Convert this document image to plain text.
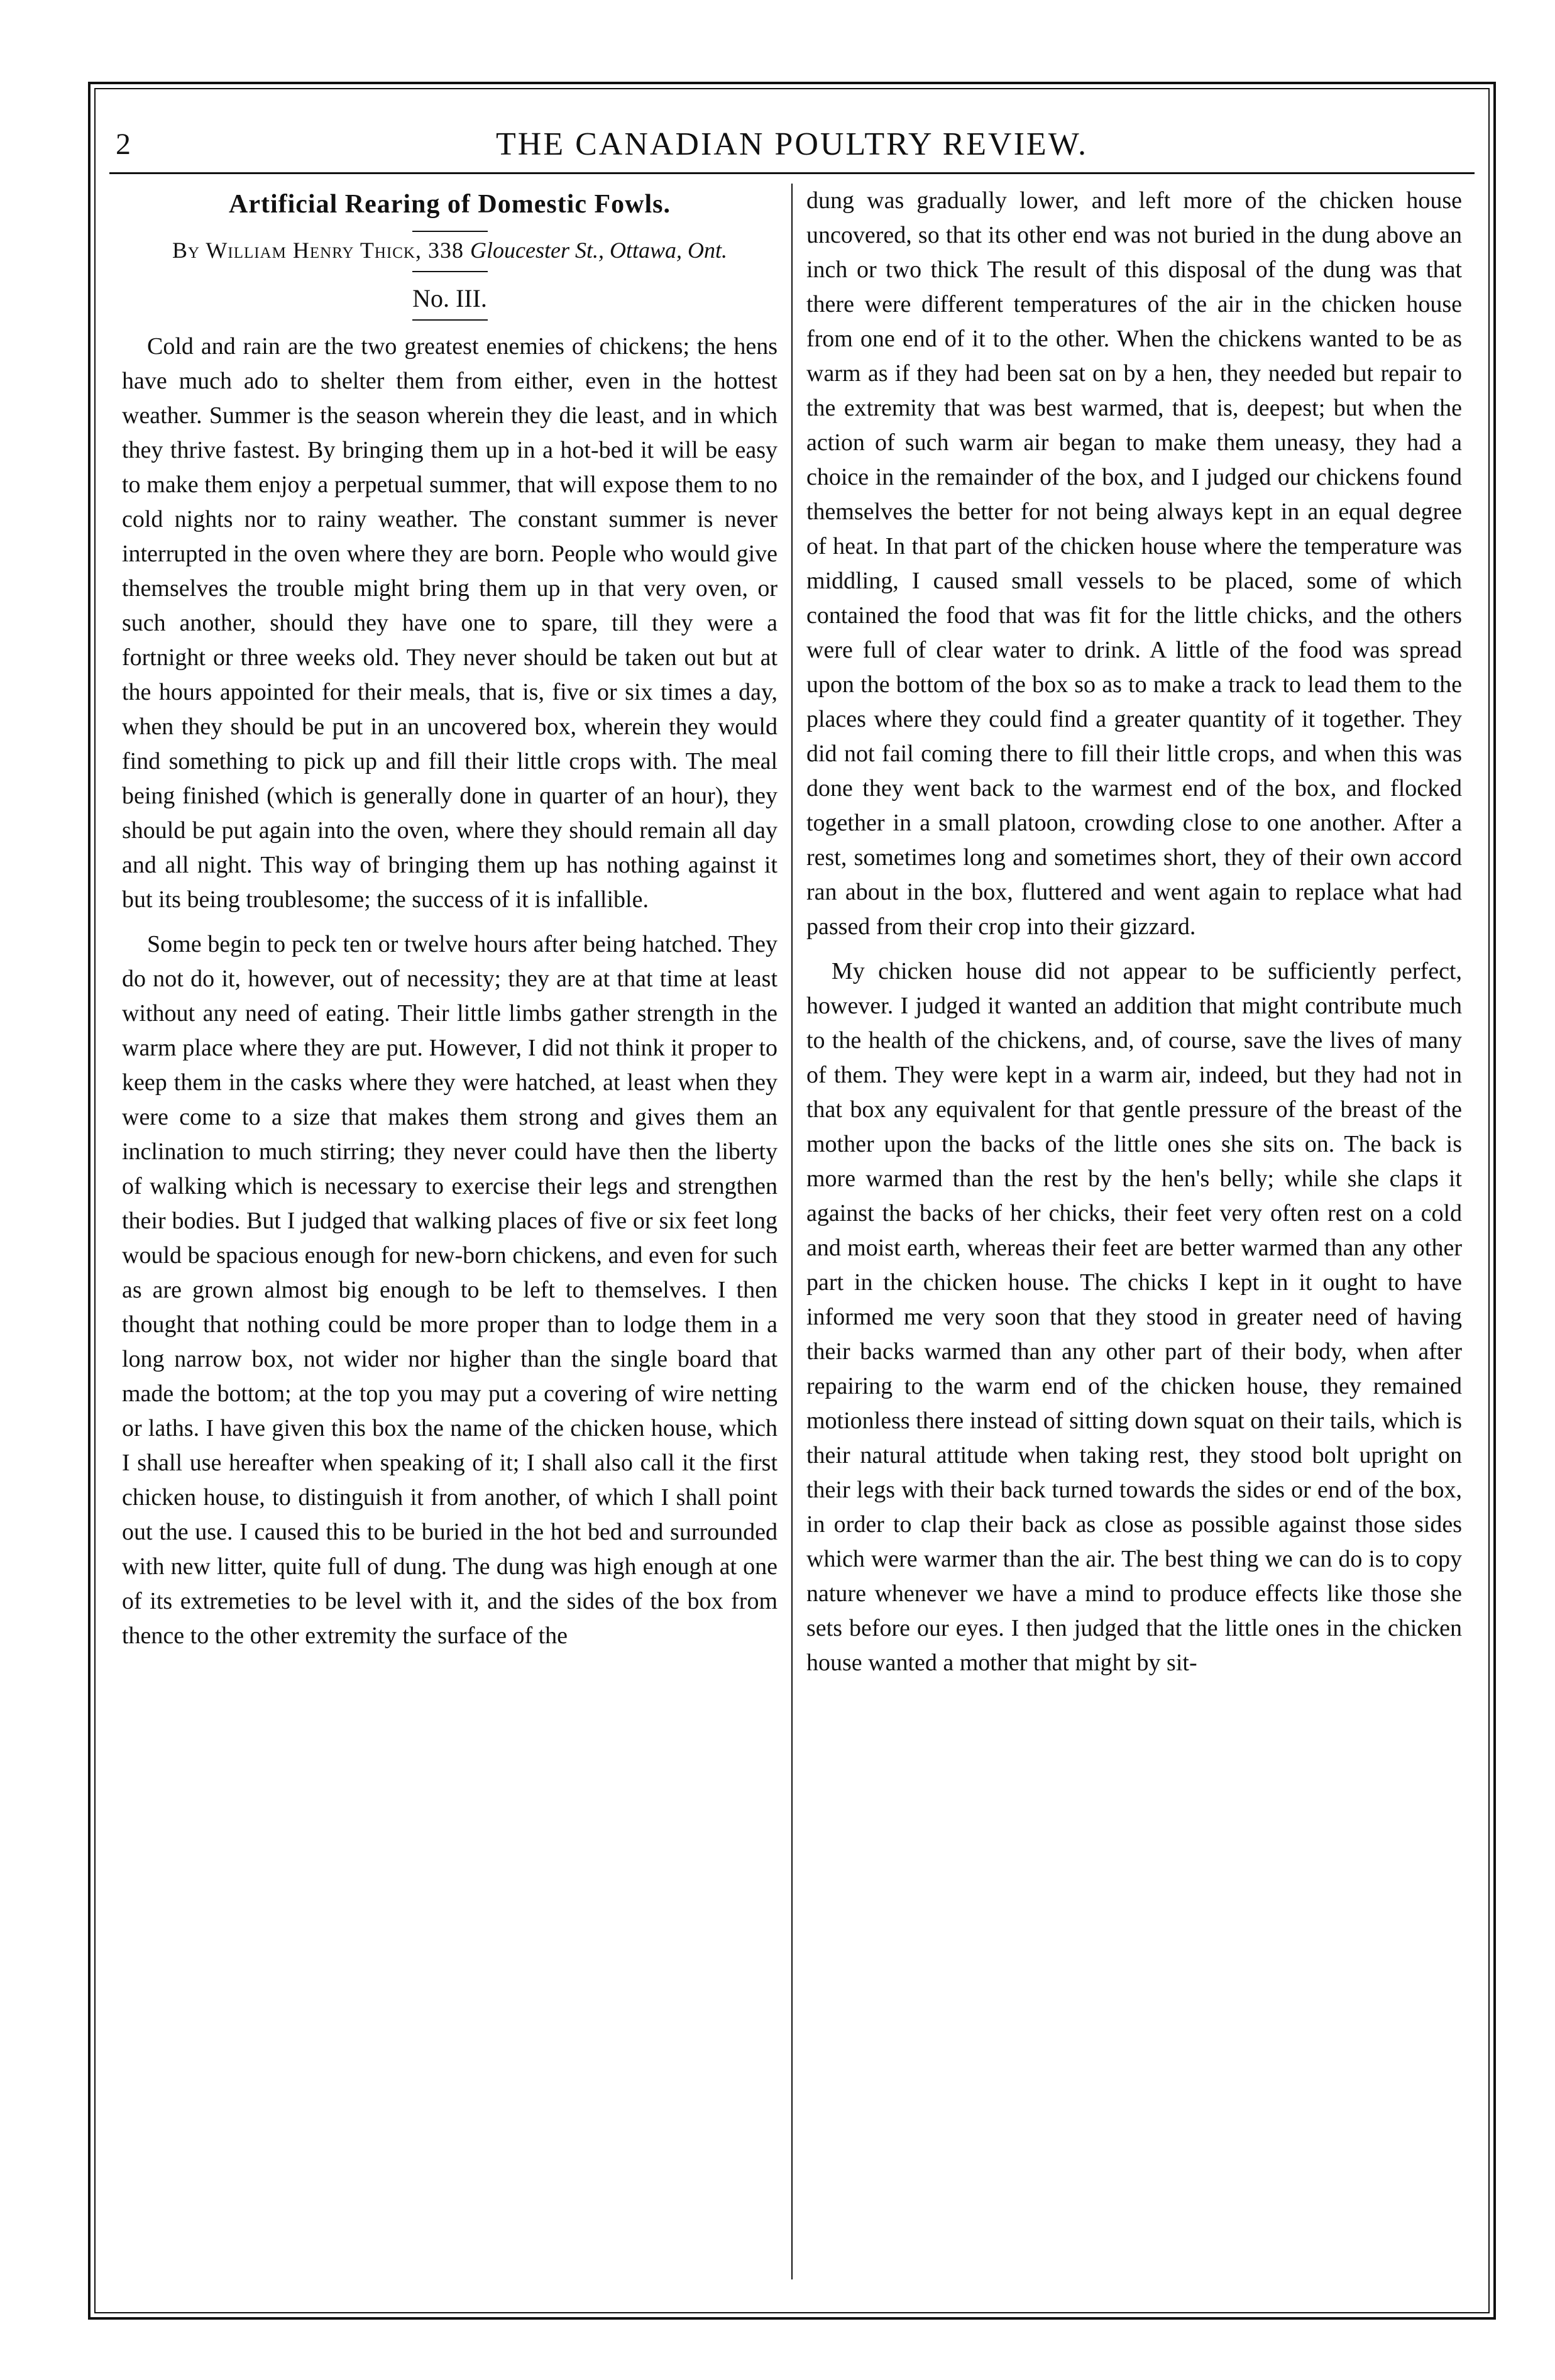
2	THE CANADIAN POULTRY REVIEW.
Artificial Rearing of Domestic Fowls.
By William Henry Thick, 338 Gloucester St., Ottawa, Ont.
No. III.

Cold and rain are the two greatest enemies of chickens; the hens have much ado to shelter them from either, even in the hottest weather. Summer is the season wherein they die least, and in which they thrive fastest. By bringing them up in a hot-bed it will be easy to make them enjoy a perpetual summer, that will expose them to no cold nights nor to rainy weather. The constant summer is never interrupted in the oven where they are born. People who would give themselves the trouble might bring them up in that very oven, or such another, should they have one to spare, till they were a fortnight or three weeks old. They never should be taken out but at the hours appointed for their meals, that is, five or six times a day, when they should be put in an uncovered box, wherein they would find something to pick up and fill their little crops with. The meal being finished (which is generally done in quarter of an hour), they should be put again into the oven, where they should remain all day and all night. This way of bringing them up has nothing against it but its being troublesome; the success of it is infallible.

Some begin to peck ten or twelve hours after being hatched. They do not do it, however, out of necessity; they are at that time at least without any need of eating. Their little limbs gather strength in the warm place where they are put. However, I did not think it proper to keep them in the casks where they were hatched, at least when they were come to a size that makes them strong and gives them an inclination to much stirring; they never could have then the liberty of walking which is necessary to exercise their legs and strengthen their bodies. But I judged that walking places of five or six feet long would be spacious enough for new-born chickens, and even for such as are grown almost big enough to be left to themselves. I then thought that nothing could be more proper than to lodge them in a long narrow box, not wider nor higher than the single board that made the bottom; at the top you may put a covering of wire netting or laths. I have given this box the name of the chicken house, which I shall use hereafter when speaking of it; I shall also call it the first chicken house, to distinguish it from another, of which I shall point out the use. I caused this to be buried in the hot bed and surrounded with new litter, quite full of dung. The dung was high enough at one of its extremeties to be level with it, and the sides of the box from thence to the other extremity the surface of the

dung was gradually lower, and left more of the chicken house uncovered, so that its other end was not buried in the dung above an inch or two thick The result of this disposal of the dung was that there were different temperatures of the air in the chicken house from one end of it to the other. When the chickens wanted to be as warm as if they had been sat on by a hen, they needed but repair to the extremity that was best warmed, that is, deepest; but when the action of such warm air began to make them uneasy, they had a choice in the remainder of the box, and I judged our chickens found themselves the better for not being always kept in an equal degree of heat. In that part of the chicken house where the temperature was middling, I caused small vessels to be placed, some of which contained the food that was fit for the little chicks, and the others were full of clear water to drink. A little of the food was spread upon the bottom of the box so as to make a track to lead them to the places where they could find a greater quantity of it together. They did not fail coming there to fill their little crops, and when this was done they went back to the warmest end of the box, and flocked together in a small platoon, crowding close to one another. After a rest, sometimes long and sometimes short, they of their own accord ran about in the box, fluttered and went again to replace what had passed from their crop into their gizzard.

My chicken house did not appear to be sufficiently perfect, however. I judged it wanted an addition that might contribute much to the health of the chickens, and, of course, save the lives of many of them. They were kept in a warm air, indeed, but they had not in that box any equivalent for that gentle pressure of the breast of the mother upon the backs of the little ones she sits on. The back is more warmed than the rest by the hen's belly; while she claps it against the backs of her chicks, their feet very often rest on a cold and moist earth, whereas their feet are better warmed than any other part in the chicken house. The chicks I kept in it ought to have informed me very soon that they stood in greater need of having their backs warmed than any other part of their body, when after repairing to the warm end of the chicken house, they remained motionless there instead of sitting down squat on their tails, which is their natural attitude when taking rest, they stood bolt upright on their legs with their back turned towards the sides or end of the box, in order to clap their back as close as possible against those sides which were warmer than the air. The best thing we can do is to copy nature whenever we have a mind to produce effects like those she sets before our eyes. I then judged that the little ones in the chicken house wanted a mother that might by sit-
